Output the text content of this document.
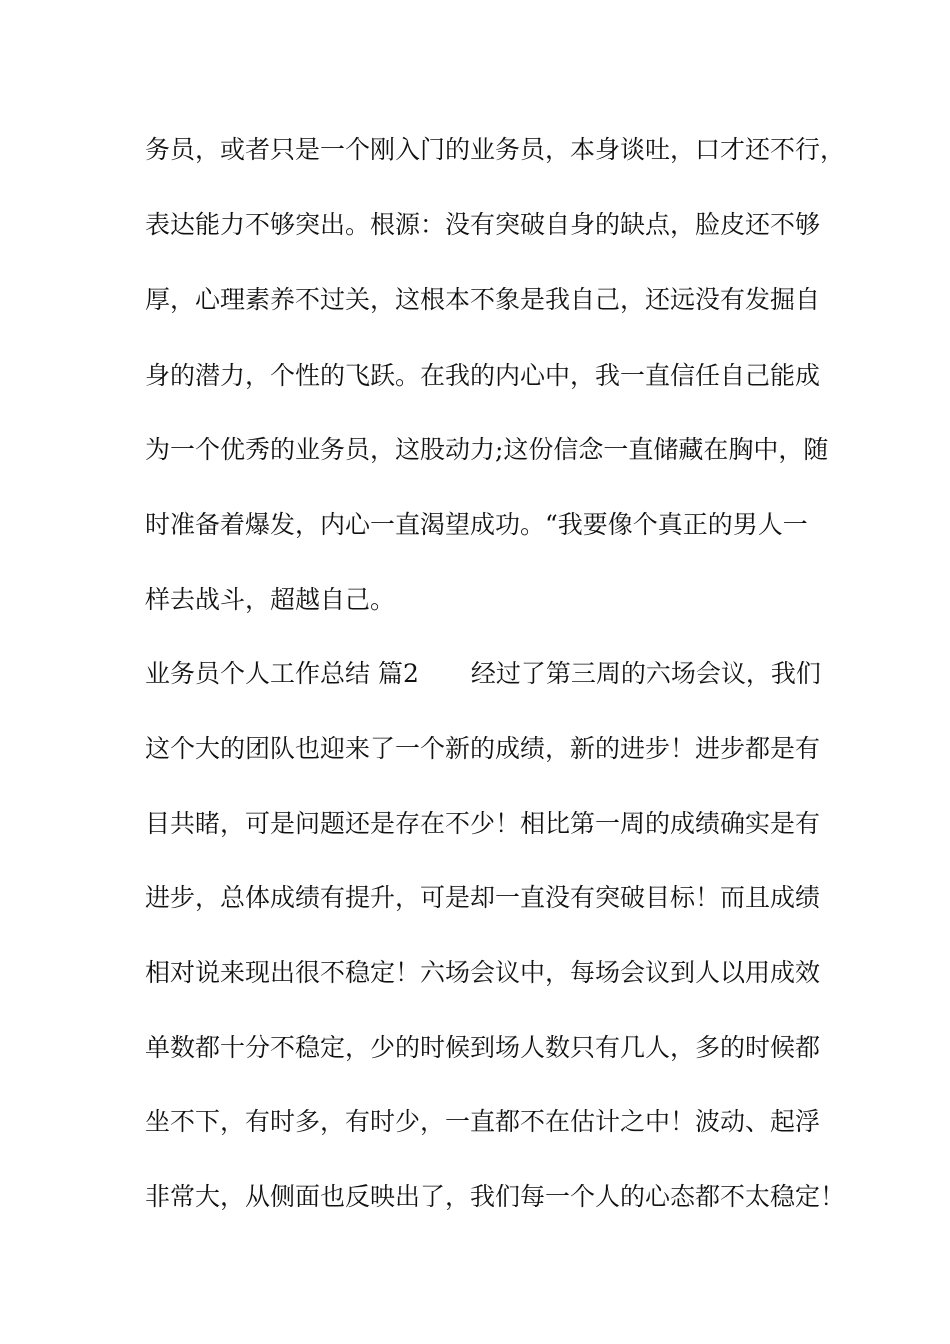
务员，或者只是一个刚入门的业务员，本身谈吐，口才还不行，
表达能力不够突出。根源：没有突破自身的缺点，脸皮还不够
厚，心理素养不过关，这根本不象是我自己，还远没有发掘自
身的潜力，个性的飞跃。在我的内心中，我一直信任自己能成
为一个优秀的业务员，这股动力;这份信念一直储藏在胸中，随
时准备着爆发，内心一直渴望成功。“我要像个真正的男人一
样去战斗，超越自己。
业务员个人工作总结 篇2 经过了第三周的六场会议，我们
这个大的团队也迎来了一个新的成绩，新的进步！进步都是有
目共睹，可是问题还是存在不少！相比第一周的成绩确实是有
进步，总体成绩有提升，可是却一直没有突破目标！而且成绩
相对说来现出很不稳定！六场会议中，每场会议到人以用成效
单数都十分不稳定，少的时候到场人数只有几人，多的时候都
坐不下，有时多，有时少，一直都不在估计之中！波动、起浮
非常大，从侧面也反映出了，我们每一个人的心态都不太稳定！
